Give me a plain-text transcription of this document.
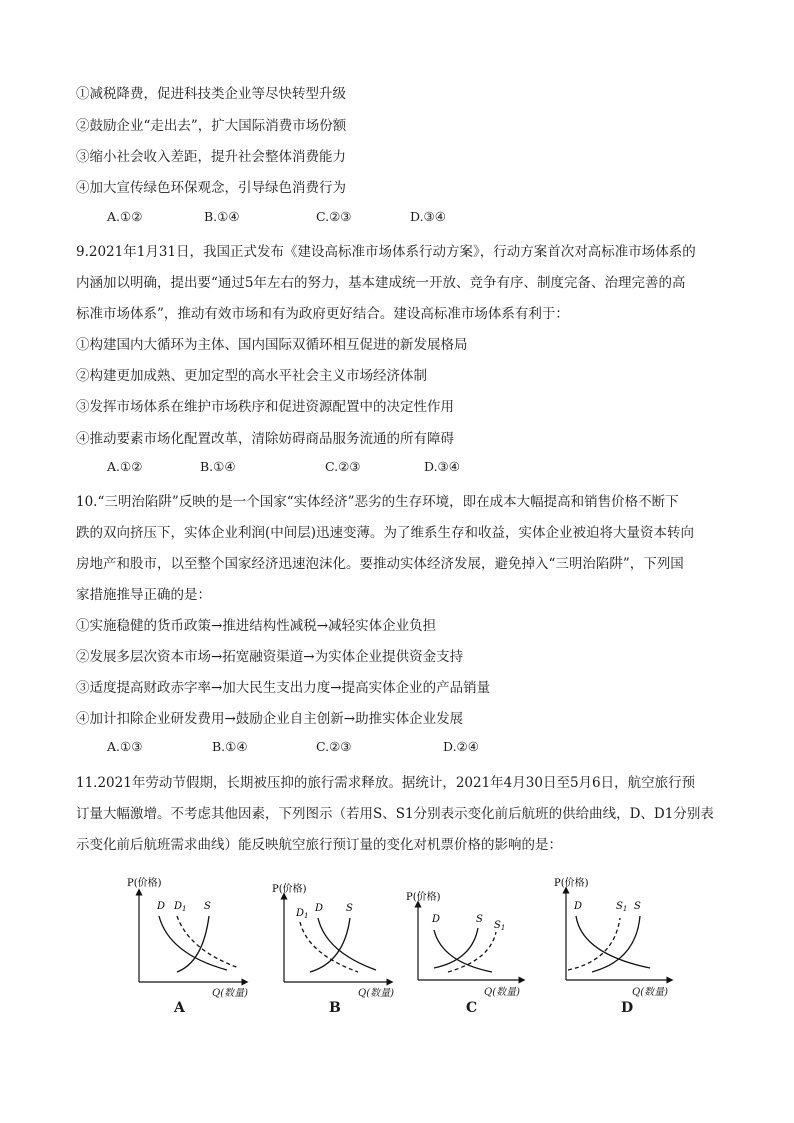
①减税降费，促进科技类企业等尽快转型升级
②鼓励企业“走出去”，扩大国际消费市场份额
③缩小社会收入差距，提升社会整体消费能力
④加大宣传绿色环保观念，引导绿色消费行为
A.①②	B.①④	C.②③	D.③④
9.2021年1月31日，我国正式发布《建设高标准市场体系行动方案》，行动方案首次对高标准市场体系的
内涵加以明确，提出要“通过5年左右的努力，基本建成统一开放、竞争有序、制度完备、治理完善的高
标准市场体系”，推动有效市场和有为政府更好结合。建设高标准市场体系有利于：
①构建国内大循环为主体、国内国际双循环相互促进的新发展格局
②构建更加成熟、更加定型的高水平社会主义市场经济体制
③发挥市场体系在维护市场秩序和促进资源配置中的决定性作用
④推动要素市场化配置改革，清除妨碍商品服务流通的所有障碍
A.①②	B.①④	C.②③	D.③④
10.“三明治陷阱”反映的是一个国家“实体经济”恶劣的生存环境，即在成本大幅提高和销售价格不断下
跌的双向挤压下，实体企业利润(中间层)迅速变薄。为了维系生存和收益，实体企业被迫将大量资本转向
房地产和股市，以至整个国家经济迅速泡沫化。要推动实体经济发展，避免掉入“三明治陷阱”，下列国
家措施推导正确的是：
①实施稳健的货币政策→推进结构性减税→减轻实体企业负担
②发展多层次资本市场→拓宽融资渠道→为实体企业提供资金支持
③适度提高财政赤字率→加大民生支出力度→提高实体企业的产品销量
④加计扣除企业研发费用→鼓励企业自主创新→助推实体企业发展
A.①③	B.①④	C.②③	D.②④
11.2021年劳动节假期，长期被压抑的旅行需求释放。据统计，2021年4月30日至5月6日，航空旅行预
订量大幅激增。不考虑其他因素，下列图示（若用S、S1分别表示变化前后航班的供给曲线，D、D1分别表
示变化前后航班需求曲线）能反映航空旅行预订量的变化对机票价格的影响的是：
P(价格)
D $D_1$ S
Q(数量)
A
P(价格)
$D_1$
D S
Q(数量)
B
P(价格)
D	S
$S_1$
Q(数量)
C
P(价格)
D	$S_1$ S
Q(数量)
D
